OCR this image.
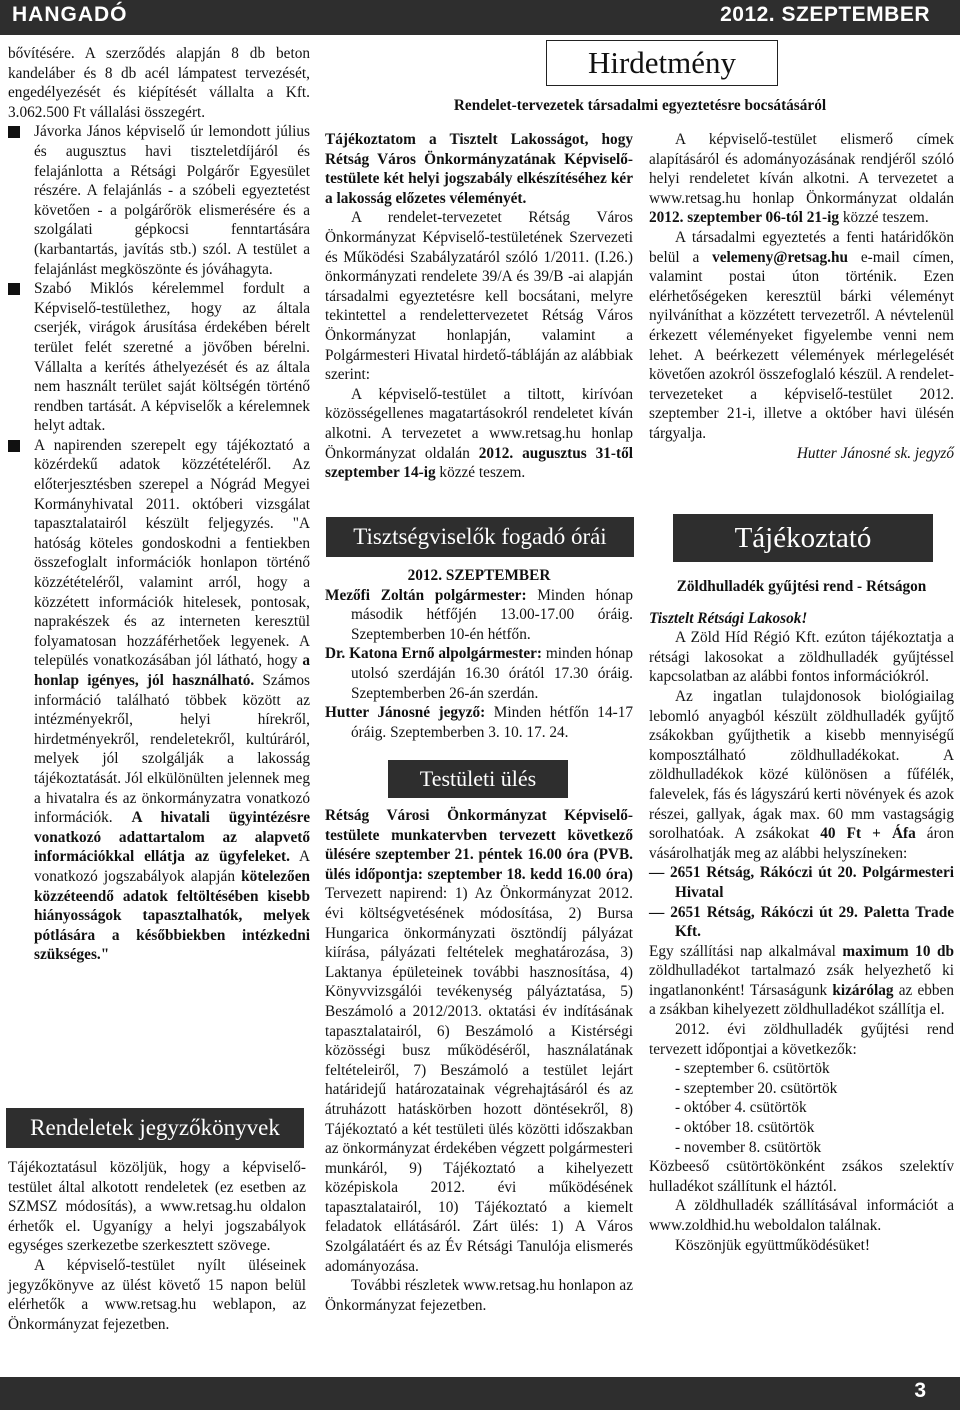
HANGADÓ	2012. SZEPTEMBER

bővítésére. A szerződés alapján 8 db beton kandeláber és 8 db acél lámpatest tervezését, engedélyezését és kiépítését vállalta a Kft. 3.062.500 Ft vállalási összegért.

Jávorka János képviselő úr lemondott július és augusztus havi tiszteletdíjáról és felajánlotta a Rétsági Polgárőr Egyesület részére. A felajánlás - a szóbeli egyeztetést követően - a polgárőrök elismerésére és a szolgálati gépkocsi fenntartására (karbantartás, javítás stb.) szól. A testület a felajánlást megköszönte és jóváhagyta.

Szabó Miklós kérelemmel fordult a Képviselő-testülethez, hogy az általa cserjék, virágok árusítása érdekében bérelt terület felét szeretné a jövőben bérelni. Vállalta a kerítés áthelyezését és az általa nem használt terület saját költségén történő rendben tartását. A képviselők a kérelemnek helyt adtak.

A napirenden szerepelt egy tájékoztató a közérdekű adatok közzétételéről. Az előterjesztésben szerepel a Nógrád Megyei Kormányhivatal 2011. októberi vizsgálat tapasztalatairól készült feljegyzés. "A hatóság köteles gondoskodni a fentiekben összefoglalt információk honlapon történő közzétételéről, valamint arról, hogy a közzétett információk hitelesek, pontosak, naprakészek és az interneten keresztül folyamatosan hozzáférhetőek legyenek. A település vonatkozásában jól látható, hogy a honlap igényes, jól használható. Számos információ található többek között az intézményekről, helyi hírekről, hirdetményekről, rendeletekről, kultúráról, melyek jól szolgálják a lakosság tájékoztatását. Jól elkülönülten jelennek meg a hivatalra és az önkormányzatra vonatkozó információk. A hivatali ügyintézésre vonatkozó adattartalom az alapvető információkkal ellátja az ügyfeleket. A vonatkozó jogszabályok alapján kötelezően közzéteendő adatok feltöltésében kisebb hiányosságok tapasztalhatók, melyek pótlására a későbbiekben intézkedni szükséges."

Rendeletek jegyzőkönyvek

Tájékoztatásul közöljük, hogy a képviselő-testület által alkotott rendeletek (ez esetben az SZMSZ módosítás), a www.retsag.hu oldalon érhetők el. Ugyanígy a helyi jogszabályok egységes szerkezetbe szerkesztett szövege.

A képviselő-testület nyílt üléseinek jegyzőkönyve az ülést követő 15 napon belül elérhetők a www.retsag.hu weblapon, az Önkormányzat fejezetben.

Hirdetmény
Rendelet-tervezetek társadalmi egyeztetésre bocsátásáról

Tájékoztatom a Tisztelt Lakosságot, hogy Rétság Város Önkormányzatának Képviselő-testülete két helyi jogszabály elkészítéséhez kér a lakosság előzetes véleményét.

A rendelet-tervezetet Rétság Város Önkormányzat Képviselő-testületének Szervezeti és Működési Szabályzatáról szóló 1/2011. (I.26.) önkormányzati rendelete 39/A és 39/B -ai alapján társadalmi egyeztetésre kell bocsátani, melyre tekintettel a rendelettervezetet Rétság Város Önkormányzat honlapján, valamint a Polgármesteri Hivatal hirdető-tábláján az alábbiak szerint:

A képviselő-testület a tiltott, kirívóan közösségellenes magatartásokról rendeletet kíván alkotni. A tervezetet a www.retsag.hu honlap Önkormányzat oldalán 2012. augusztus 31-től szeptember 14-ig közzé teszem.

A képviselő-testület elismerő címek alapításáról és adományozásának rendjéről szóló helyi rendeletet kíván alkotni. A tervezetet a www.retsag.hu honlap Önkormányzat oldalán 2012. szeptember 06-tól 21-ig közzé teszem.

A társadalmi egyeztetés a fenti határidőkön belül a velemeny@retsag.hu e-mail címen, valamint postai úton történik. Ezen elérhetőségeken keresztül bárki véleményt nyilváníthat a közzétett tervezetről. A névtelenül érkezett véleményeket figyelembe venni nem lehet. A beérkezett vélemények mérlegelését követően azokról összefoglaló készül. A rendelet-tervezeteket a képviselő-testület 2012. szeptember 21-i, illetve a október havi ülésén tárgyalja.

Hutter Jánosné sk. jegyző

Tisztségviselők fogadó órái

2012. SZEPTEMBER

Mezőfi Zoltán polgármester: Minden hónap második hétfőjén 13.00-17.00 óráig. Szeptemberben 10-én hétfőn.

Dr. Katona Ernő alpolgármester: minden hónap utolsó szerdáján 16.30 órától 17.30 óráig. Szeptemberben 26-án szerdán.

Hutter Jánosné jegyző: Minden hétfőn 14-17 óráig. Szeptemberben 3. 10. 17. 24.

Testületi ülés

Rétság Városi Önkormányzat Képviselő-testülete munkatervben tervezett következő ülésére szeptember 21. péntek 16.00 óra (PVB. ülés időpontja: szeptember 18. kedd 16.00 óra) Tervezett napirend: 1) Az Önkormányzat 2012. évi költségvetésének módosítása, 2) Bursa Hungarica önkormányzati ösztöndíj pályázat kiírása, pályázati feltételek meghatározása, 3) Laktanya épületeinek további hasznosítása, 4) Könyvvizsgálói tevékenység pályáztatása, 5) Beszámoló a 2012/2013. oktatási év indításának tapasztalatairól, 6) Beszámoló a Kistérségi közösségi busz működéséről, használatának feltételeiről, 7) Beszámoló a testület lejárt határidejű határozatainak végrehajtásáról és az átruházott hatáskörben hozott döntésekről, 8) Tájékoztató a két testületi ülés közötti időszakban az önkormányzat érdekében végzett polgármesteri munkáról, 9) Tájékoztató a kihelyezett középiskola 2012. évi működésének tapasztalatairól, 10) Tájékoztató a kiemelt feladatok ellátásáról. Zárt ülés: 1) A Város Szolgálatáért és az Év Rétsági Tanulója elismerés adományozása.

További részletek www.retsag.hu honlapon az Önkormányzat fejezetben.

Tájékoztató

Zöldhulladék gyűjtési rend - Rétságon

Tisztelt Rétsági Lakosok!

A Zöld Híd Régió Kft. ezúton tájékoztatja a rétsági lakosokat a zöldhulladék gyűjtéssel kapcsolatban az alábbi fontos információkról.

Az ingatlan tulajdonosok biológiailag lebomló anyagból készült zöldhulladék gyűjtő zsákokban gyűjthetik a kisebb mennyiségű komposztálható zöldhulladékokat. A zöldhulladékok közé különösen a fűfélék, falevelek, fás és lágyszárú kerti növények és azok részei, gallyak, ágak max. 60 mm vastagságig sorolhatóak. A zsákokat 40 Ft + Áfa áron vásárolhatják meg az alábbi helyszíneken:

— 2651 Rétság, Rákóczi út 20. Polgármesteri Hivatal

— 2651 Rétság, Rákóczi út 29. Paletta Trade Kft.

Egy szállítási nap alkalmával maximum 10 db zöldhulladékot tartalmazó zsák helyezhető ki ingatlanonként! Társaságunk kizárólag az ebben a zsákban kihelyezett zöldhulladékot szállítja el.

2012. évi zöldhulladék gyűjtési rend tervezett időpontjai a következők:

- szeptember 6. csütörtök

- szeptember 20. csütörtök

- október 4. csütörtök

- október 18. csütörtök

- november 8. csütörtök

Közbeeső csütörtökönként zsákos szelektív hulladékot szállítunk el háztól.

A zöldhulladék szállításával információt a www.zoldhid.hu weboldalon találnak.

Köszönjük együttműködésüket!

3
